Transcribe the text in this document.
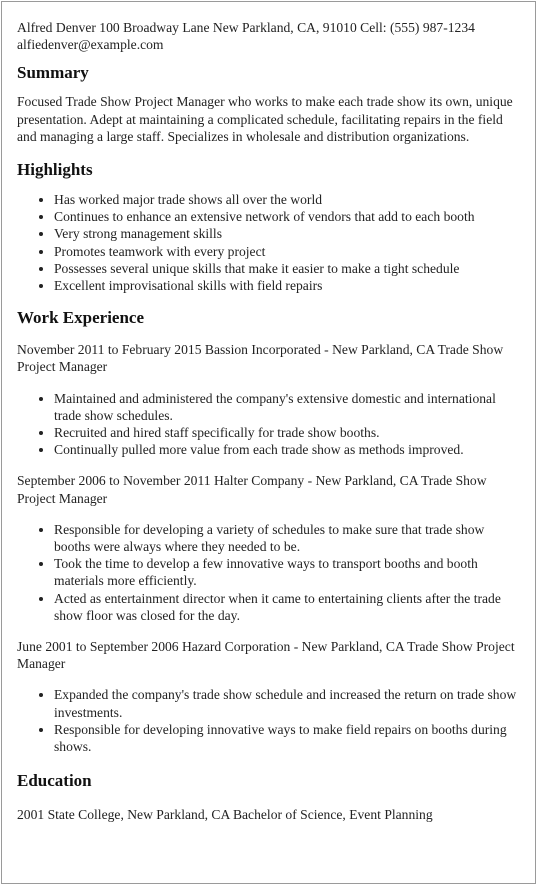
Alfred Denver 100 Broadway Lane New Parkland, CA, 91010 Cell: (555) 987-1234 alfiedenver@example.com

Summary

Focused Trade Show Project Manager who works to make each trade show its own, unique presentation. Adept at maintaining a complicated schedule, facilitating repairs in the field and managing a large staff. Specializes in wholesale and distribution organizations.

Highlights
• Has worked major trade shows all over the world
• Continues to enhance an extensive network of vendors that add to each booth
• Very strong management skills
• Promotes teamwork with every project
• Possesses several unique skills that make it easier to make a tight schedule
• Excellent improvisational skills with field repairs
Work Experience

November 2011 to February 2015 Bassion Incorporated - New Parkland, CA Trade Show Project Manager

• Maintained and administered the company's extensive domestic and international trade show schedules.
• Recruited and hired staff specifically for trade show booths.
• Continually pulled more value from each trade show as methods improved.

September 2006 to November 2011 Halter Company - New Parkland, CA Trade Show Project Manager

• Responsible for developing a variety of schedules to make sure that trade show booths were always where they needed to be.
• Took the time to develop a few innovative ways to transport booths and booth materials more efficiently.
• Acted as entertainment director when it came to entertaining clients after the trade show floor was closed for the day.

June 2001 to September 2006 Hazard Corporation - New Parkland, CA Trade Show Project Manager

• Expanded the company's trade show schedule and increased the return on trade show investments.
• Responsible for developing innovative ways to make field repairs on booths during shows.
Education

2001 State College, New Parkland, CA Bachelor of Science, Event Planning
